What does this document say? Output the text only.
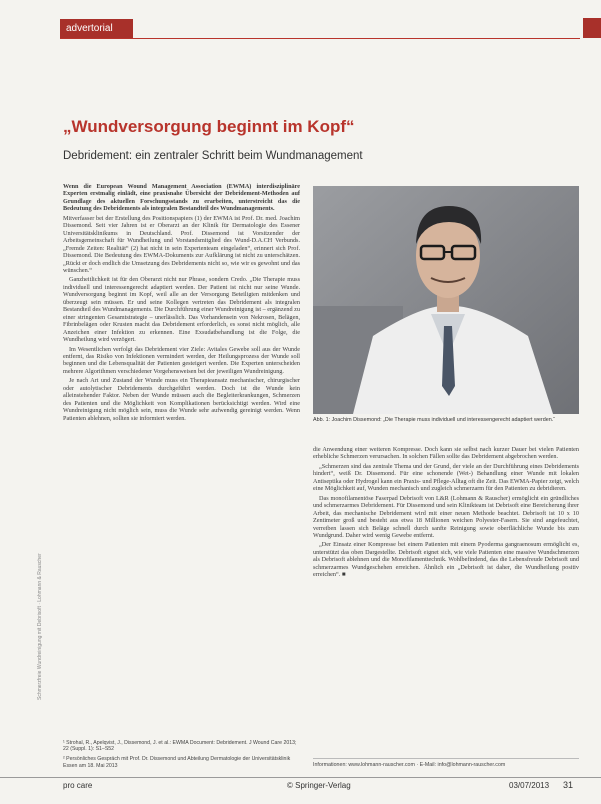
advertorial
„Wundversorgung beginnt im Kopf“
Debridement: ein zentraler Schritt beim Wundmanagement

Wenn die European Wound Management Association (EWMA) interdisziplinäre Experten erstmalig einlädt, eine praxisnahe Übersicht der Debridement-Methoden auf Grundlage des aktuellen Forschungsstands zu erarbeiten, unterstreicht das die Bedeutung des Debridements als integralen Bestandteil des Wundmanagements.

Mitverfasser bei der Erstellung des Positionspapiers (1) der EWMA ist Prof. Dr. med. Joachim Dissemond. Seit vier Jahren ist er Oberarzt an der Klinik für Dermatologie des Essener Universitätsklinikums in Deutschland. Prof. Dissemond ist Vorsitzender der Arbeitsgemeinschaft für Wundheilung und Vorstandsmitglied des Wund-D.A.CH Verbunds. „Fremde Zeiten: Realität“ (2) hat nicht in sein Expertenteam eingeladen“, erinnert sich Prof. Dissemond. Die Bedeutung des EWMA-Dokuments zur Aufklärung ist nicht zu unterschätzen. „Rückt er doch endlich die Umsetzung des Debridements nicht so, wie wir es gewohnt und das wünschen.“

Ganzheitlichkeit ist für den Oberarzt nicht nur Phrase, sondern Credo. „Die Therapie muss individuell und interessengerecht adaptiert werden. Der Patient ist nicht nur seine Wunde. Wundversorgung beginnt im Kopf, weil alle an der Versorgung Beteiligten mitdenken und überzeugt sein müssen. Er und seine Kollegen vertreten das Debridement als integralen Bestandteil des Wundmanagements. Die Durchführung einer Wundreinigung ist – ergänzend zu einer stringenten Gesamtstrategie – unerlässlich. Das Vorhandensein von Nekrosen, Belägen, Fibrinbelägen oder Krusten macht das Debridement erforderlich, es sonst nicht möglich, alle Anzeichen einer Infektion zu erkennen. Eine Exsudatbehandlung ist die Folge, die Wundheilung wird verzögert.

Im Wesentlichen verfolgt das Debridement vier Ziele: Avitales Gewebe soll aus der Wunde entfernt, das Risiko von Infektionen vermindert werden, der Heilungsprozess der Wunde soll beginnen und die Lebensqualität der Patienten gesteigert werden. Die Experten unterscheiden mehrere Algorithmen verschiedener Vorgehensweisen bei der jeweiligen Wundreinigung.

Je nach Art und Zustand der Wunde muss ein Therapieansatz mechanischer, chirurgischer oder autolytischer Debridements durchgeführt werden. Doch ist die Wunde kein alleinstehender Faktor. Neben der Wunde müssen auch die Begleiterkrankungen, Schmerzen des Patienten und die Möglichkeit von Komplikationen berücksichtigt werden. Wird eine Wundreinigung nicht möglich sein, muss die Wunde sehr aufwendig gereinigt werden. Wenn Patienten ablehnen, sollten sie informiert werden.	Abb. 1: Joachim Dissemond: „Die Therapie muss individuell und interessengerecht adaptiert werden.“

die Anwendung einer weiteren Kompresse. Doch kann sie selbst nach kurzer Dauer bei vielen Patienten erhebliche Schmerzen verursachen. In solchen Fällen sollte das Debridement abgebrochen werden.

„Schmerzen sind das zentrale Thema und der Grund, der viele an der Durchführung eines Debridements hindert“, weiß Dr. Dissemond. Für eine schonende (Wet-) Behandlung einer Wunde mit lokalen Antiseptika oder Hydrogel kann ein Praxis- und Pflege-Alltag oft die Zeit. Das EWMA-Papier zeigt, welch eine Möglichkeit auf, Wunden mechanisch und zugleich schmerzarm für den Patienten zu debridieren.

Das monofilamentöse Faserpad Debrisoft von L&R (Lohmann & Rauscher) ermöglicht ein gründliches und schmerzarmes Debridement. Für Dissemond und sein Klinikteam ist Debrisoft eine Bereicherung ihrer Arbeit, das mechanische Debridement wird mit einer neuen Methode beachtet. Debrisoft ist 10 x 10 Zentimeter groß und besteht aus etwa 18 Millionen weichen Polyester-Fasern. Sie sind angefeuchtet, verreiben lassen sich Beläge schnell durch sanfte Reinigung sowie oberflächliche Wunde bis zum Wundgrund. Daher wird wenig Gewebe entfernt.

„Der Einsatz einer Kompresse bei einem Patienten mit einem Pyoderma gangraenosum ermöglicht es, unterstützt das oben Dargestellte. Debrisoft eignet sich, wie viele Patienten eine massive Wundschmerzen als Debrisoft ablehnen und die Monofilamenttechnik. Wohlbefindend, das die Lebensfreude Debrisoft und schmerzarmes Wundgeschehen erreichen. Ähnlich ein „Debrisoft ist daher, die Wundheilung positiv erreichen“. ■

¹ Strohal, R., Apelqvist, J., Dissemond, J. et al.: EWMA Document: Debridement. J Wound Care 2013; 22 (Suppl. 1): S1–S52
² Persönliches Gespräch mit Prof. Dr. Dissemond und Abteilung Dermatologie der Universitätsklinik Essen am 18. Mai 2013	Informationen: www.lohmann-rauscher.com · E-Mail: info@lohmann-rauscher.com
Schmerzfreie Wundreinigung mit Debrisoft · Lohmann & Rauscher
pro care	© Springer-Verlag	03/07/2013 31
